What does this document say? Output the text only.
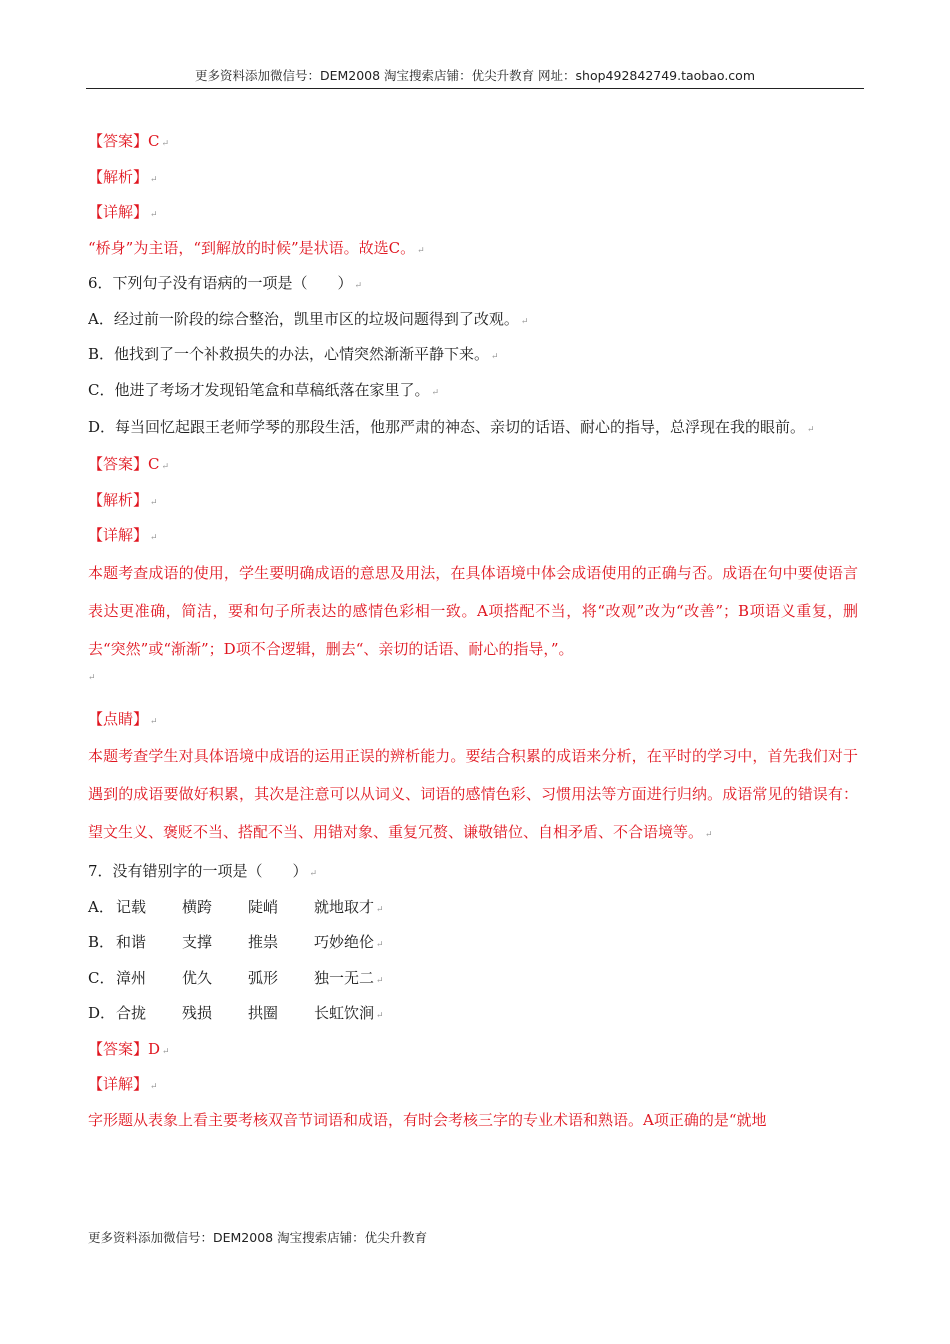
更多资料添加微信号：DEM2008 淘宝搜索店铺：优尖升教育 网址：shop492842749.taobao.com
【答案】C ↵
【解析】 ↵
【详解】 ↵
“桥身”为主语，“到解放的时候”是状语。故选C。 ↵
6．下列句子没有语病的一项是（　　） ↵
A．经过前一阶段的综合整治，凯里市区的垃圾问题得到了改观。 ↵
B．他找到了一个补救损失的办法，心情突然渐渐平静下来。 ↵
C．他进了考场才发现铅笔盒和草稿纸落在家里了。 ↵
D．每当回忆起跟王老师学琴的那段生活，他那严肃的神态、亲切的话语、耐心的指导，总浮现在我的眼前。 ↵
【答案】C ↵
【解析】 ↵
【详解】 ↵
本题考查成语的使用，学生要明确成语的意思及用法，在具体语境中体会成语使用的正确与否。成语在句中要使语言表达更准确，简洁，要和句子所表达的感情色彩相一致。A项搭配不当，将“改观”改为“改善”；B项语义重复，删去“突然”或“渐渐”；D项不合逻辑，删去“、亲切的话语、耐心的指导，”。
↵
【点睛】 ↵
本题考查学生对具体语境中成语的运用正误的辨析能力。要结合积累的成语来分析，在平时的学习中，首先我们对于遇到的成语要做好积累，其次是注意可以从词义、词语的感情色彩、习惯用法等方面进行归纳。成语常见的错误有：望文生义、褒贬不当、搭配不当、用错对象、重复冗赘、谦敬错位、自相矛盾、不合语境等。 ↵
7．没有错别字的一项是（　　） ↵
A． 记载	横跨	陡峭	就地取才 ↵
B． 和谐	支撑	推祟	巧妙绝伦 ↵
C． 漳州	优久	弧形	独一无二 ↵
D． 合拢	残损	拱圈	长虹饮涧 ↵
【答案】D ↵
【详解】 ↵
字形题从表象上看主要考核双音节词语和成语，有时会考核三字的专业术语和熟语。A项正确的是“就地
更多资料添加微信号：DEM2008 淘宝搜索店铺：优尖升教育
